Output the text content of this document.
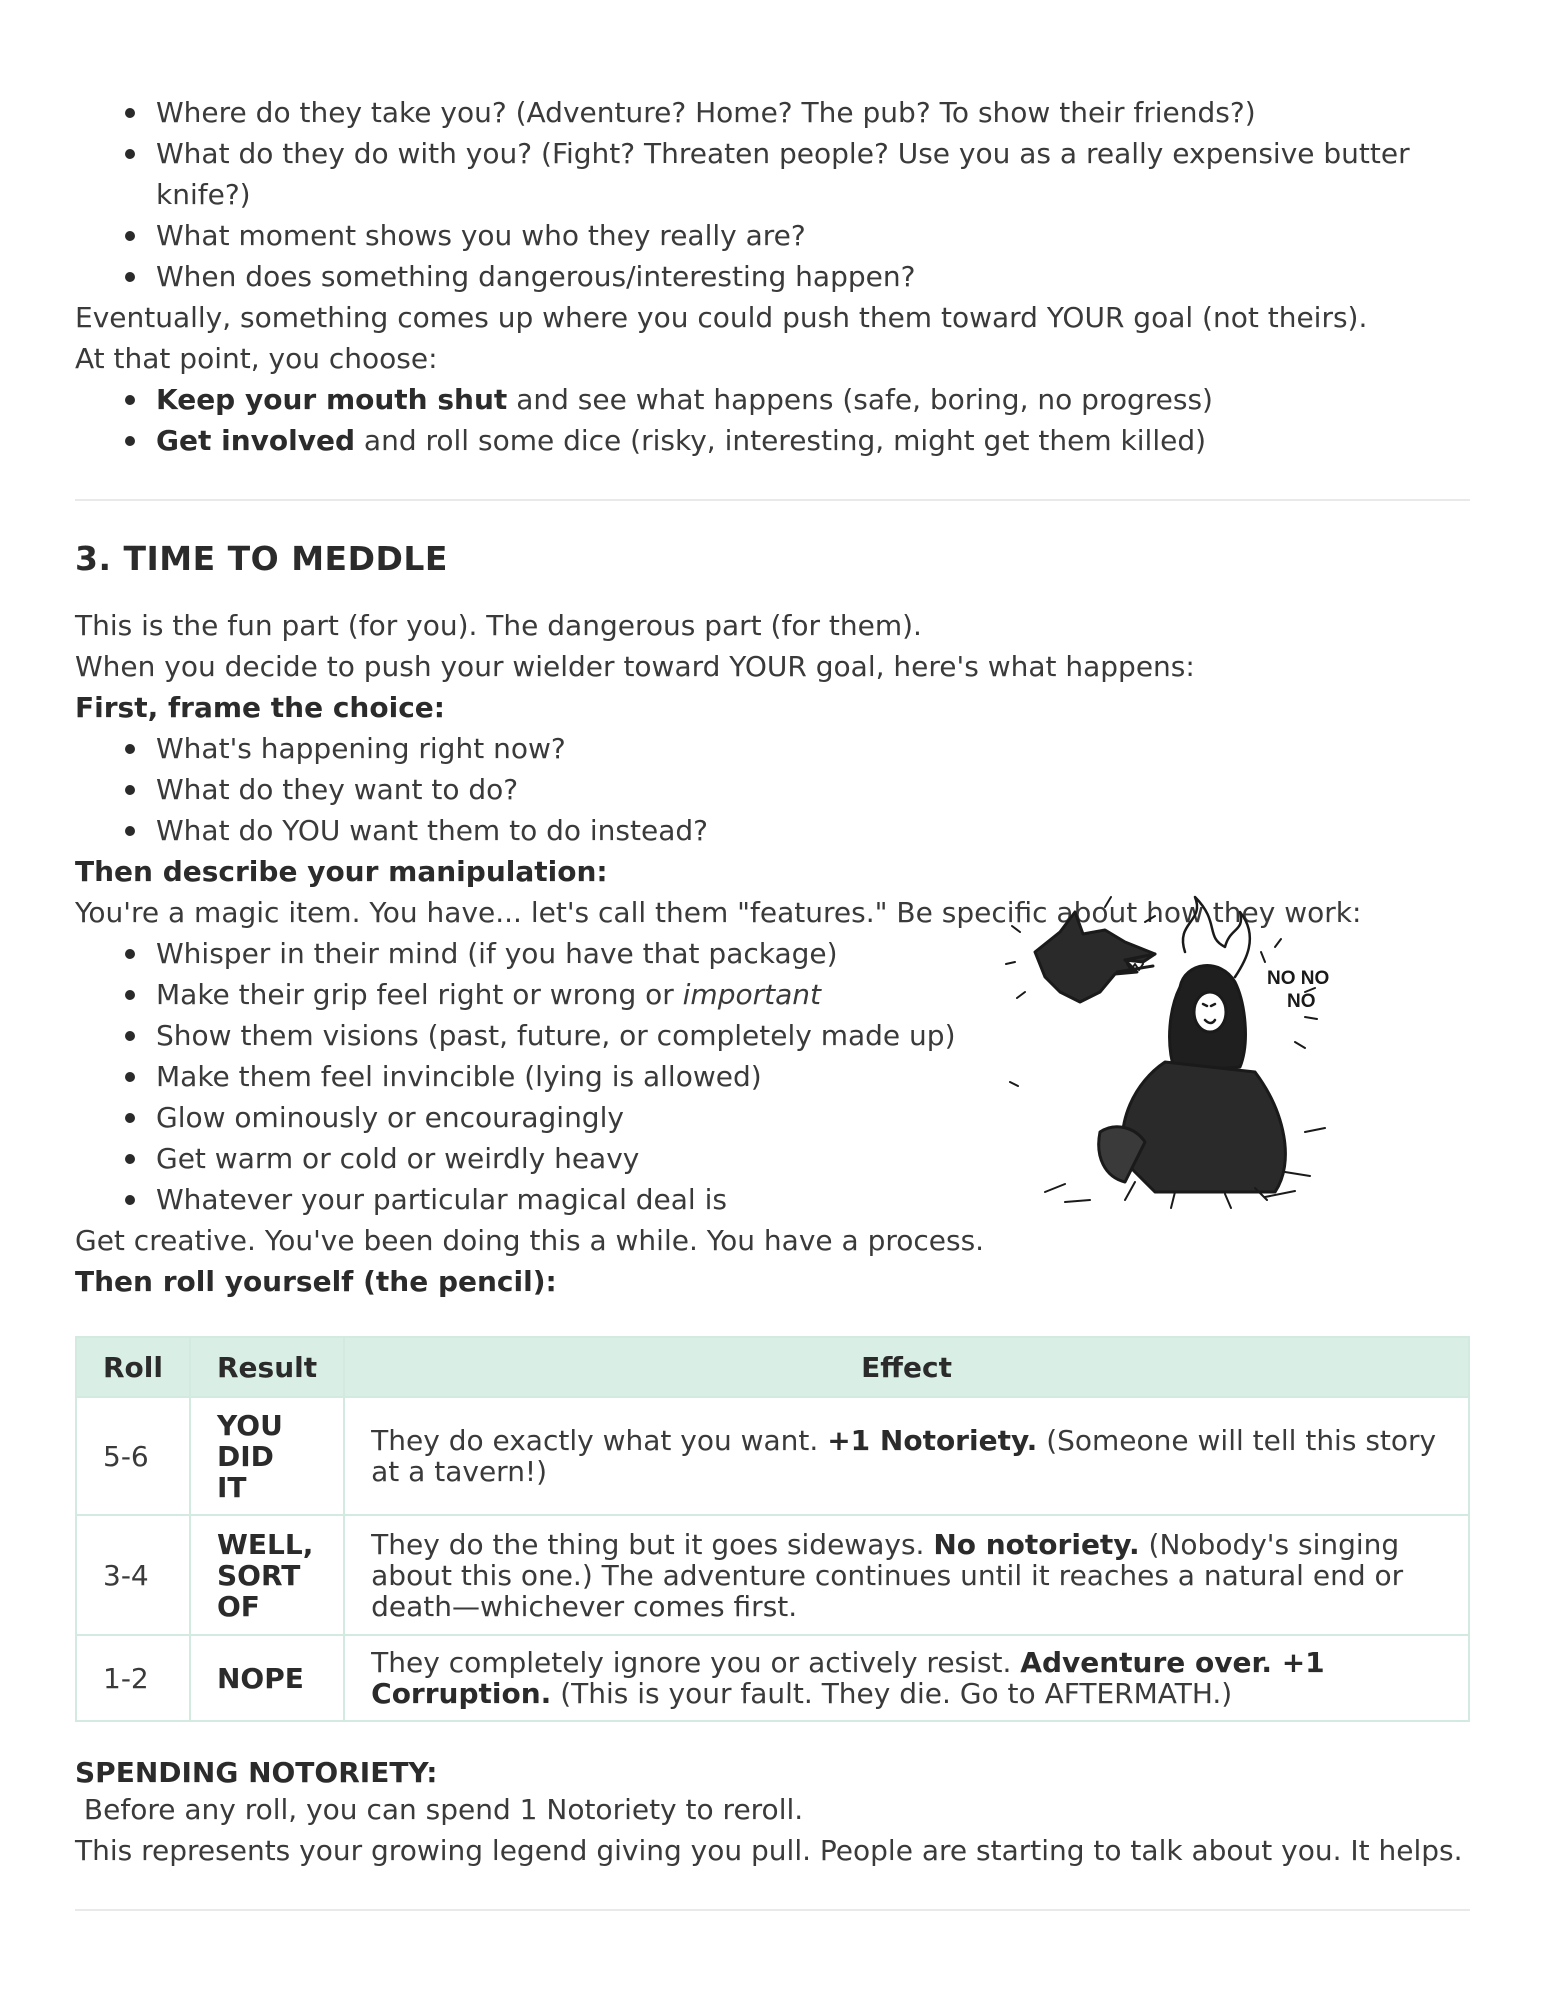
Where do they take you? (Adventure? Home? The pub? To show their friends?)
What do they do with you? (Fight? Threaten people? Use you as a really expensive butter knife?)
What moment shows you who they really are?
When does something dangerous/interesting happen?

Eventually, something comes up where you could push them toward YOUR goal (not theirs).

At that point, you choose:

Keep your mouth shut and see what happens (safe, boring, no progress)
Get involved and roll some dice (risky, interesting, might get them killed)
3. TIME TO MEDDLE

This is the fun part (for you). The dangerous part (for them).

When you decide to push your wielder toward YOUR goal, here's what happens:

First, frame the choice:

What's happening right now?
What do they want to do?
What do YOU want them to do instead?

Then describe your manipulation:

You're a magic item. You have... let's call them "features." Be specific about how they work:

Whisper in their mind (if you have that package)
Make their grip feel right or wrong or important
Show them visions (past, future, or completely made up)
Make them feel invincible (lying is allowed)
Glow ominously or encouragingly
Get warm or cold or weirdly heavy
Whatever your particular magical deal is

Get creative. You've been doing this a while. You have a process.

Then roll yourself (the pencil):

Roll	Result	Effect
5-6	YOU
DID
IT	They do exactly what you want. +1 Notoriety. (Someone will tell this story at a tavern!)
3-4	WELL,
SORT
OF	They do the thing but it goes sideways. No notoriety. (Nobody's singing about this one.) The adventure continues until it reaches a natural end or death—whichever comes first.
1-2	NOPE	They completely ignore you or actively resist. Adventure over. +1 Corruption. (This is your fault. They die. Go to AFTERMATH.)

SPENDING NOTORIETY:

Before any roll, you can spend 1 Notoriety to reroll.

This represents your growing legend giving you pull. People are starting to talk about you. It helps.

NO NO
NO
